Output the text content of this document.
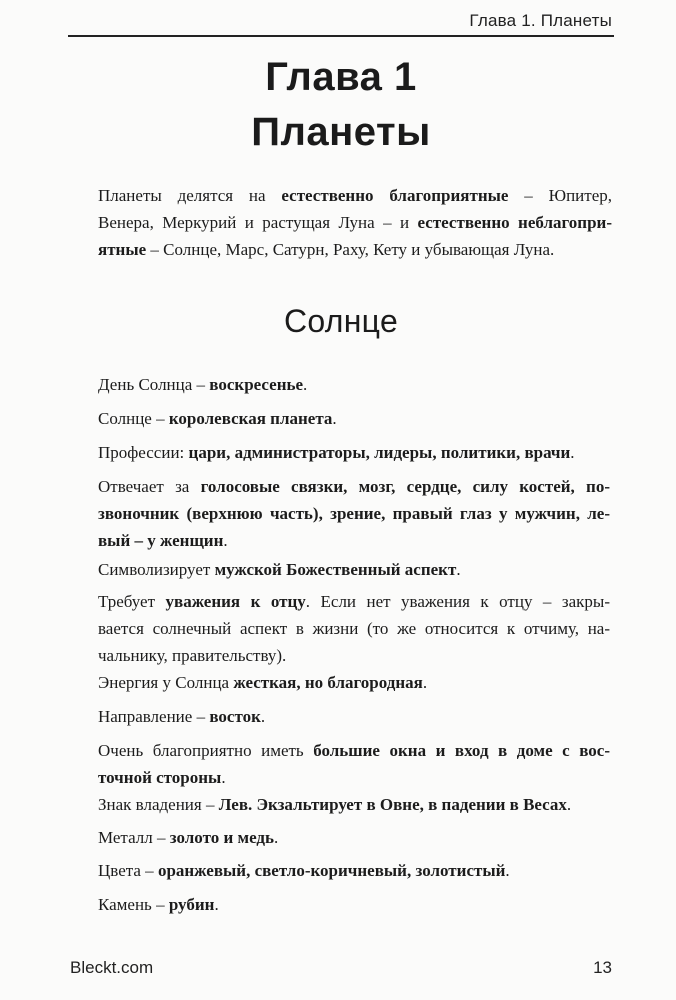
Глава 1. Планеты
Глава 1
Планеты
Планеты делятся на естественно благоприятные – Юпитер,
Венера, Меркурий и растущая Луна – и естественно неблагопри-
ятные – Солнце, Марс, Сатурн, Раху, Кету и убывающая Луна.
Солнце
День Солнца – воскресенье.
Солнце – королевская планета.
Профессии: цари, администраторы, лидеры, политики, врачи.
Отвечает за голосовые связки, мозг, сердце, силу костей, по-
звоночник (верхнюю часть), зрение, правый глаз у мужчин, ле-
вый – у женщин.
Символизирует мужской Божественный аспект.
Требует уважения к отцу. Если нет уважения к отцу – закры-
вается солнечный аспект в жизни (то же относится к отчиму, на-
чальнику, правительству).
Энергия у Солнца жесткая, но благородная.
Направление – восток.
Очень благоприятно иметь большие окна и вход в доме с вос-
точной стороны.
Знак владения – Лев. Экзальтирует в Овне, в падении в Весах.
Металл – золото и медь.
Цвета – оранжевый, светло-коричневый, золотистый.
Камень – рубин.
Bleckt.com	13
